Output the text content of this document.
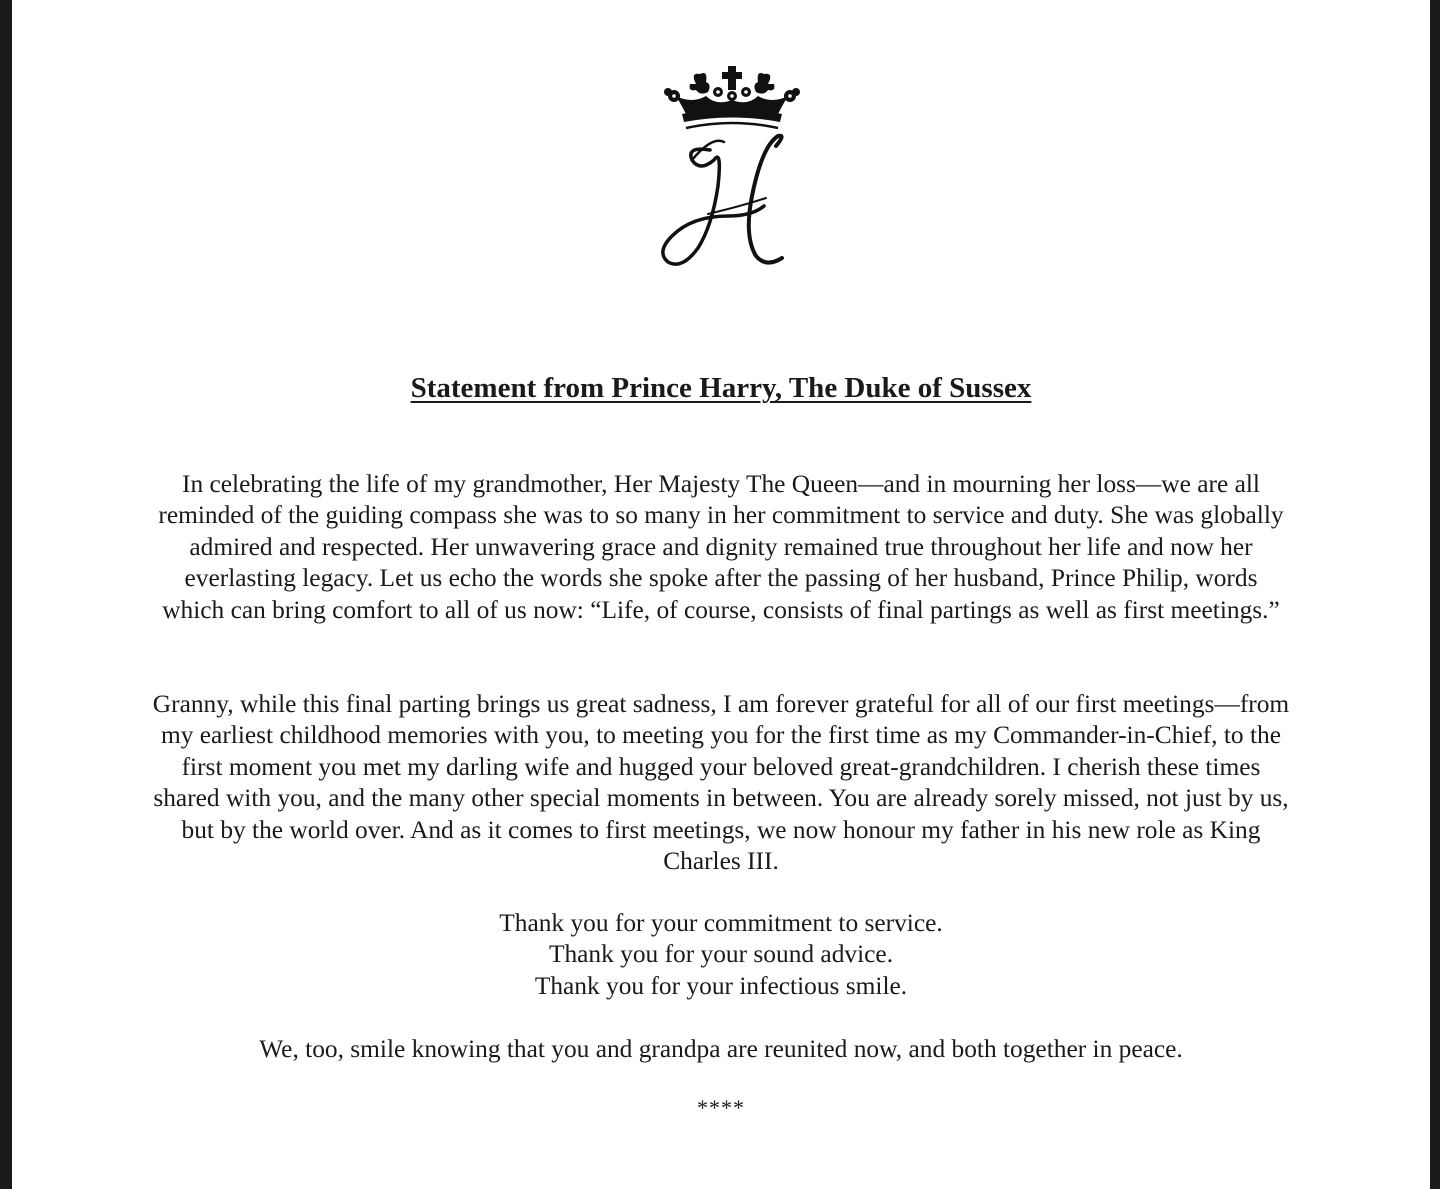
Statement from Prince Harry, The Duke of Sussex

In celebrating the life of my grandmother, Her Majesty The Queen—and in mourning her loss—we are all reminded of the guiding compass she was to so many in her commitment to service and duty. She was globally admired and respected. Her unwavering grace and dignity remained true throughout her life and now her everlasting legacy. Let us echo the words she spoke after the passing of her husband, Prince Philip, words which can bring comfort to all of us now: “Life, of course, consists of final partings as well as first meetings.”

Granny, while this final parting brings us great sadness, I am forever grateful for all of our first meetings—from my earliest childhood memories with you, to meeting you for the first time as my Commander-in-Chief, to the first moment you met my darling wife and hugged your beloved great-grandchildren. I cherish these times shared with you, and the many other special moments in between. You are already sorely missed, not just by us, but by the world over. And as it comes to first meetings, we now honour my father in his new role as King Charles III.

Thank you for your commitment to service.
Thank you for your sound advice.
Thank you for your infectious smile.
We, too, smile knowing that you and grandpa are reunited now, and both together in peace.
****
